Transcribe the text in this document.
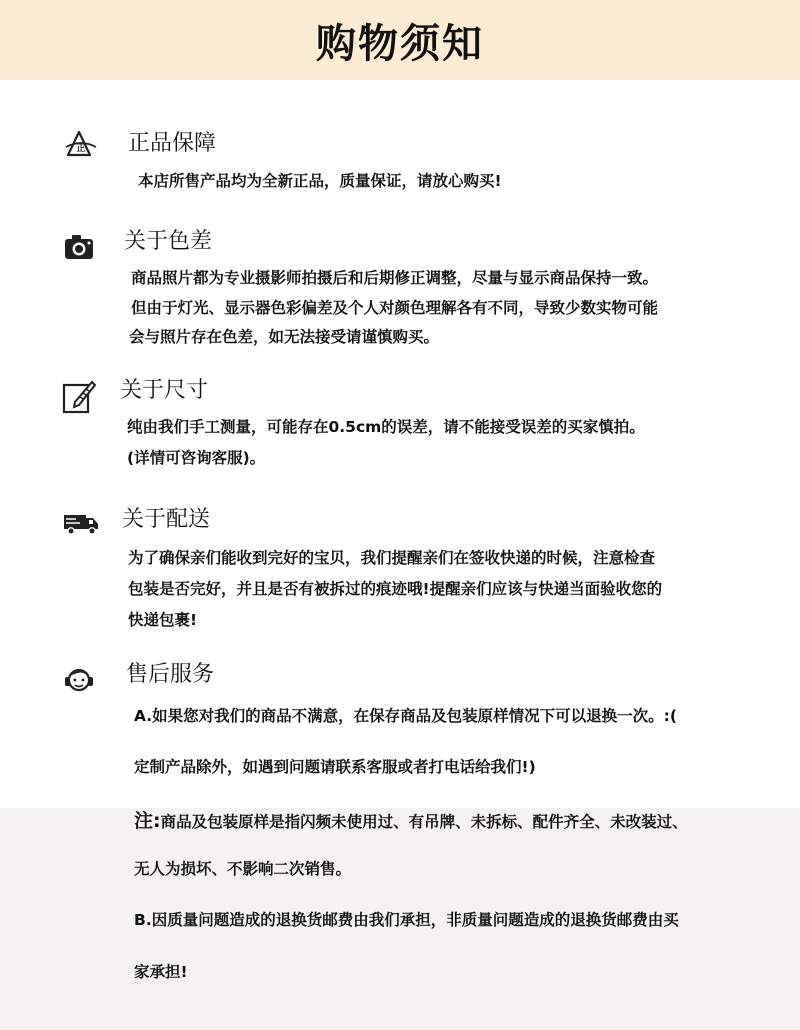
购物须知
正 正品保障
本店所售产品均为全新正品，质量保证，请放心购买!
关于色差
商品照片都为专业摄影师拍摄后和后期修正调整，尽量与显示商品保持一致。
但由于灯光、显示器色彩偏差及个人对颜色理解各有不同，导致少数实物可能
会与照片存在色差，如无法接受请谨慎购买。
关于尺寸
纯由我们手工测量，可能存在0.5cm的误差，请不能接受误差的买家慎拍。
(详情可咨询客服)。
关于配送
为了确保亲们能收到完好的宝贝，我们提醒亲们在签收快递的时候，注意检查
包装是否完好，并且是否有被拆过的痕迹哦!提醒亲们应该与快递当面验收您的
快递包裹!
售后服务
A.如果您对我们的商品不满意，在保存商品及包装原样情况下可以退换一次。:(
定制产品除外，如遇到问题请联系客服或者打电话给我们!)
注:商品及包装原样是指闪频未使用过、有吊牌、未拆标、配件齐全、未改装过、
无人为损坏、不影响二次销售。
B.因质量问题造成的退换货邮费由我们承担，非质量问题造成的退换货邮费由买
家承担!
